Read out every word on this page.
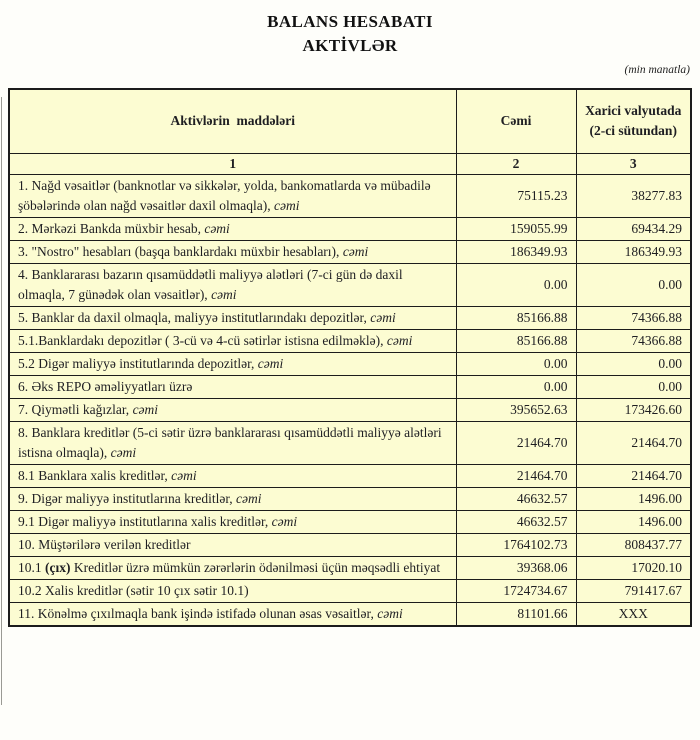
BALANS HESABATI
AKTİVLƏR
(min manatla)
Aktivlərin  maddələri	Cəmi	Xarici valyutada (2-ci sütundan)
1	2	3
1. Nağd vəsaitlər (banknotlar və sikkələr, yolda, bankomatlarda və mübadilə şöbələrində olan nağd vəsaitlər daxil olmaqla), cəmi	75115.23	38277.83
2. Mərkəzi Bankda müxbir hesab, cəmi	159055.99	69434.29
3. "Nostro" hesabları (başqa banklardakı müxbir hesabları), cəmi	186349.93	186349.93
4. Banklararası bazarın qısamüddətli maliyyə alətləri (7-ci gün də daxil olmaqla, 7 günədək olan vəsaitlər), cəmi	0.00	0.00
5. Banklar da daxil olmaqla, maliyyə institutlarındakı depozitlər, cəmi	85166.88	74366.88
5.1.Banklardakı depozitlər ( 3-cü və 4-cü sətirlər istisna edilməklə), cəmi	85166.88	74366.88
5.2 Digər maliyyə institutlarında depozitlər, cəmi	0.00	0.00
6. Əks REPO əməliyyatları üzrə	0.00	0.00
7. Qiymətli kağızlar, cəmi	395652.63	173426.60
8. Banklara kreditlər (5-ci sətir üzrə banklararası qısamüddətli maliyyə alətləri istisna olmaqla), cəmi	21464.70	21464.70
8.1 Banklara xalis kreditlər, cəmi	21464.70	21464.70
9. Digər maliyyə institutlarına kreditlər, cəmi	46632.57	1496.00
9.1 Digər maliyyə institutlarına xalis kreditlər, cəmi	46632.57	1496.00
10. Müştərilərə verilən kreditlər	1764102.73	808437.77
10.1 (çıx) Kreditlər üzrə mümkün zərərlərin ödənilməsi üçün məqsədli ehtiyat	39368.06	17020.10
10.2 Xalis kreditlər (sətir 10 çıx sətir 10.1)	1724734.67	791417.67
11. Könəlmə çıxılmaqla bank işində istifadə olunan əsas vəsaitlər, cəmi	81101.66	XXX
